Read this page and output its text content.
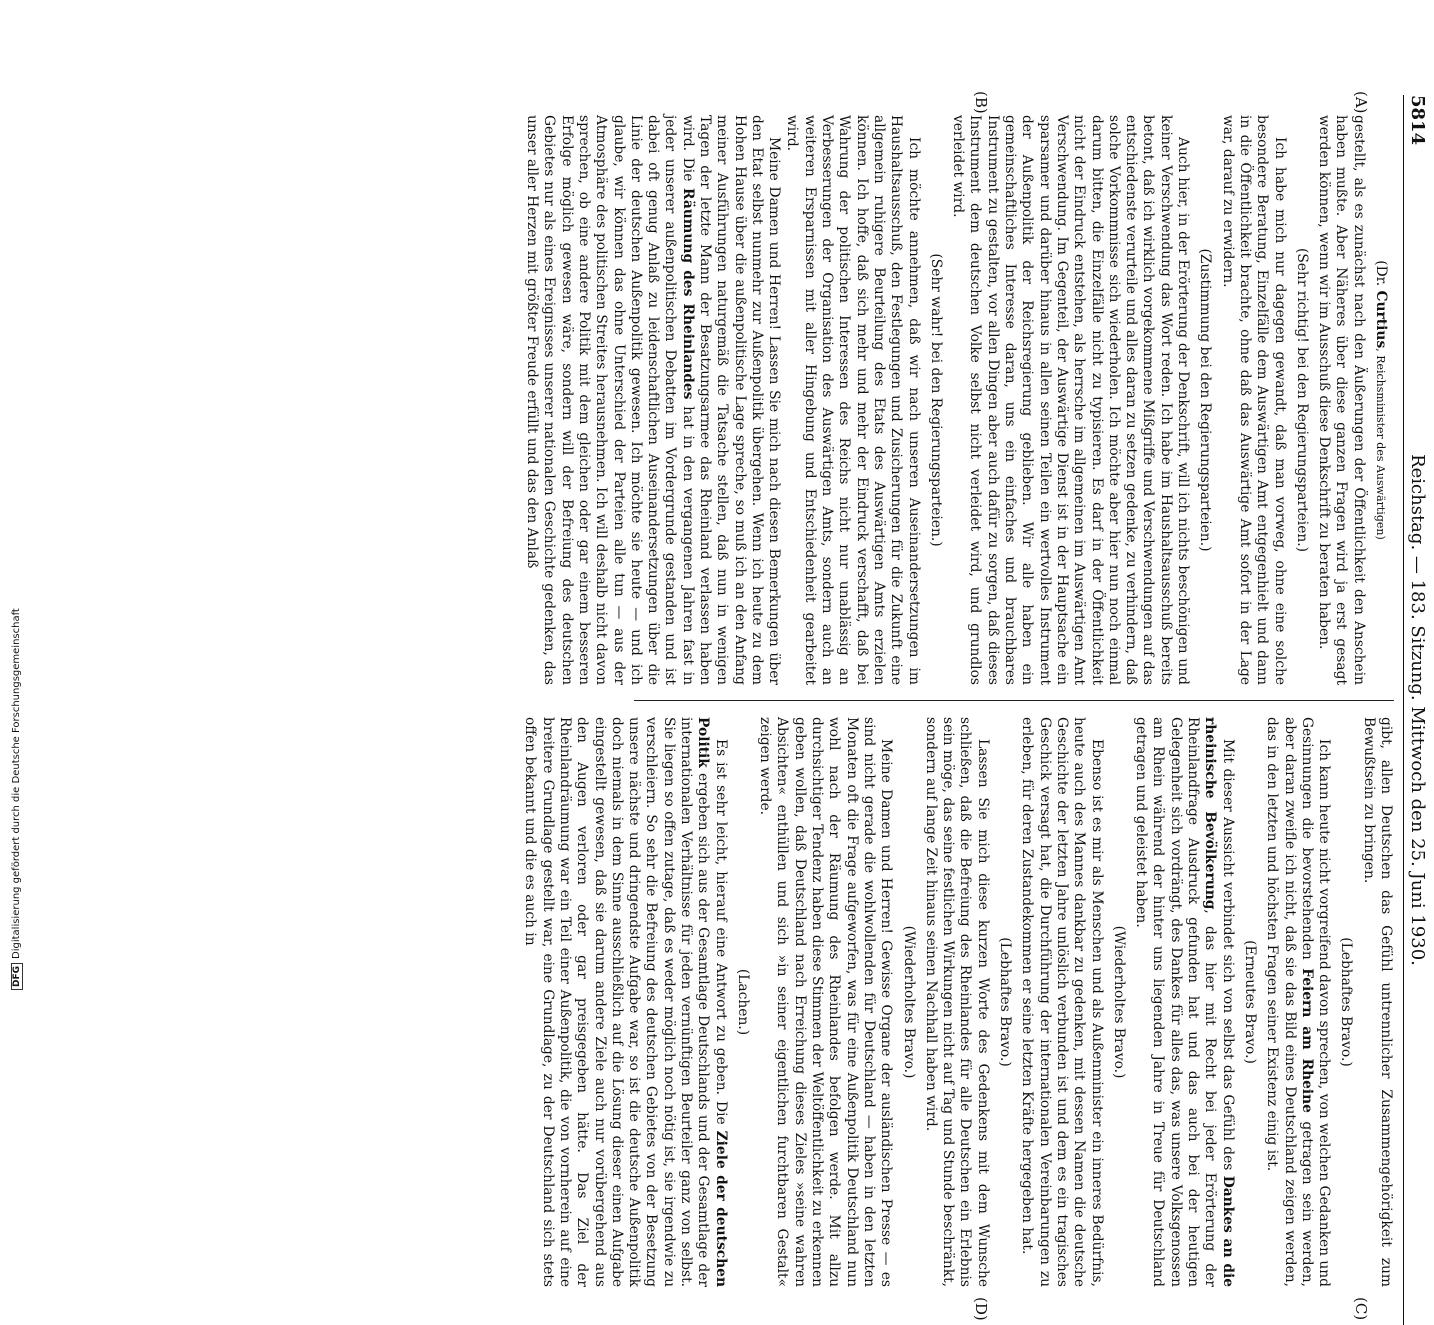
DFGDigitalisierung gefördert durch die Deutsche Forschungsgemeinschaft
5814
Reichstag. — 183. Sitzung. Mittwoch den 25. Juni 1930.
(A)
(B)
(C)
(D)

(Dr. Curtius, Reichsminister des Auswärtigen)

gestellt, als es zunächst nach den Äußerungen der Öffentlichkeit den Anschein haben mußte. Aber Näheres über diese ganzen Fragen wird ja erst gesagt werden können, wenn wir im Ausschuß diese Denkschrift zu beraten haben.

(Sehr richtig! bei den Regierungsparteien.)

Ich habe mich nur dagegen gewandt, daß man vorweg, ohne eine solche besondere Beratung, Einzelfälle dem Auswärtigen Amt entgegenhielt und dann in die Öffentlichkeit brachte, ohne daß das Auswärtige Amt sofort in der Lage war, darauf zu erwidern.

(Zustimmung bei den Regierungsparteien.)

Auch hier, in der Erörterung der Denkschrift, will ich nichts beschönigen und keiner Verschwendung das Wort reden. Ich habe im Haushaltsausschuß bereits betont, daß ich wirklich vorgekommene Mißgriffe und Verschwendungen auf das entschiedenste verurteile und alles daran zu setzen gedenke, zu verhindern, daß solche Vorkommnisse sich wiederholen. Ich möchte aber hier nun noch einmal darum bitten, die Einzelfälle nicht zu typisieren. Es darf in der Öffentlichkeit nicht der Eindruck entstehen, als herrsche im allgemeinen im Auswärtigen Amt Verschwendung. Im Gegenteil, der Auswärtige Dienst ist in der Hauptsache ein sparsamer und darüber hinaus in allen seinen Teilen ein wertvolles Instrument der Außenpolitik der Reichsregierung geblieben. Wir alle haben ein gemeinschaftliches Interesse daran, uns ein einfaches und brauchbares Instrument zu gestalten, vor allen Dingen aber auch dafür zu sorgen, daß dieses Instrument dem deutschen Volke selbst nicht verleidet wird, und grundlos verleidet wird.

(Sehr wahr! bei den Regierungsparteien.)

Ich möchte annehmen, daß wir nach unseren Auseinandersetzungen im Haushaltsausschuß, den Festlegungen und Zusicherungen für die Zukunft eine allgemein ruhigere Beurteilung des Etats des Auswärtigen Amts erzielen können. Ich hoffe, daß sich mehr und mehr der Eindruck verschafft, daß bei Wahrung der politischen Interessen des Reichs nicht nur unablässig an Verbesserungen der Organisation des Auswärtigen Amts, sondern auch an weiteren Ersparnissen mit aller Hingebung und Entschiedenheit gearbeitet wird.

Meine Damen und Herren! Lassen Sie mich nach diesen Bemerkungen über den Etat selbst nunmehr zur Außenpolitik übergehen. Wenn ich heute zu dem Hohen Hause über die außenpolitische Lage spreche, so muß ich an den Anfang meiner Ausführungen naturgemäß die Tatsache stellen, daß nun in wenigen Tagen der letzte Mann der Besatzungsarmee das Rheinland verlassen haben wird. Die Räumung des Rheinlandes hat in den vergangenen Jahren fast in jeder unserer außenpolitischen Debatten im Vordergrunde gestanden und ist dabei oft genug Anlaß zu leidenschaftlichen Auseinandersetzungen über die Linie der deutschen Außenpolitik gewesen. Ich möchte sie heute — und ich glaube, wir können das ohne Unterschied der Parteien alle tun — aus der Atmosphäre des politischen Streites herausnehmen. Ich will deshalb nicht davon sprechen, ob eine andere Politik mit dem gleichen oder gar einem besseren Erfolge möglich gewesen wäre, sondern will der Befreiung des deutschen Gebietes nur als eines Ereignisses unserer nationalen Geschichte gedenken, das unser aller Herzen mit größter Freude erfüllt und das den Anlaß

gibt, allen Deutschen das Gefühl untrennlicher Zusammengehörigkeit zum Bewußtsein zu bringen.

(Lebhaftes Bravo.)

Ich kann heute nicht vorgreifend davon sprechen, von welchen Gedanken und Gesinnungen die bevorstehenden Feiern am Rheine getragen sein werden, aber daran zweifle ich nicht, daß sie das Bild eines Deutschland zeigen werden, das in den letzten und höchsten Fragen seiner Existenz einig ist.

(Erneutes Bravo.)

Mit dieser Aussicht verbindet sich von selbst das Gefühl des Dankes an die rheinische Bevölkerung, das hier mit Recht bei jeder Erörterung der Rheinlandfrage Ausdruck gefunden hat und das auch bei der heutigen Gelegenheit sich vordrängt, des Dankes für alles das, was unsere Volksgenossen am Rhein während der hinter uns liegenden Jahre in Treue für Deutschland getragen und geleistet haben.

(Wiederholtes Bravo.)

Ebenso ist es mir als Menschen und als Außenminister ein inneres Bedürfnis, heute auch des Mannes dankbar zu gedenken, mit dessen Namen die deutsche Geschichte der letzten Jahre unlöslich verbunden ist und dem es ein tragisches Geschick versagt hat, die Durchführung der internationalen Vereinbarungen zu erleben, für deren Zustandekommen er seine letzten Kräfte hergegeben hat.

(Lebhaftes Bravo.)

Lassen Sie mich diese kurzen Worte des Gedenkens mit dem Wunsche schließen, daß die Befreiung des Rheinlandes für alle Deutschen ein Erlebnis sein möge, das seine festlichen Wirkungen nicht auf Tag und Stunde beschränkt, sondern auf lange Zeit hinaus seinen Nachhall haben wird.

(Wiederholtes Bravo.)

Meine Damen und Herren! Gewisse Organe der ausländischen Presse — es sind nicht gerade die wohlwollenden für Deutschland — haben in den letzten Monaten oft die Frage aufgeworfen, was für eine Außenpolitik Deutschland nun wohl nach der Räumung des Rheinlandes befolgen werde. Mit allzu durchsichtiger Tendenz haben diese Stimmen der Weltöffentlichkeit zu erkennen geben wollen, daß Deutschland nach Erreichung dieses Zieles »seine wahren Absichten« enthüllen und sich »in seiner eigentlichen furchtbaren Gestalt« zeigen werde.

(Lachen.)

Es ist sehr leicht, hierauf eine Antwort zu geben. Die Ziele der deutschen Politik ergeben sich aus der Gesamtlage Deutschlands und der Gesamtlage der internationalen Verhältnisse für jeden vernünftigen Beurteiler ganz von selbst. Sie liegen so offen zutage, daß es weder möglich noch nötig ist, sie irgendwie zu verschleiern. So sehr die Befreiung des deutschen Gebietes von der Besetzung unsere nächste und dringendste Aufgabe war, so ist die deutsche Außenpolitik doch niemals in dem Sinne ausschließlich auf die Lösung dieser einen Aufgabe eingestellt gewesen, daß sie darum andere Ziele auch nur vorübergehend aus den Augen verloren oder gar preisgegeben hätte. Das Ziel der Rheinlandräumung war ein Teil einer Außenpolitik, die von vornherein auf eine breitere Grundlage gestellt war, eine Grundlage, zu der Deutschland sich stets offen bekannt und die es auch in
